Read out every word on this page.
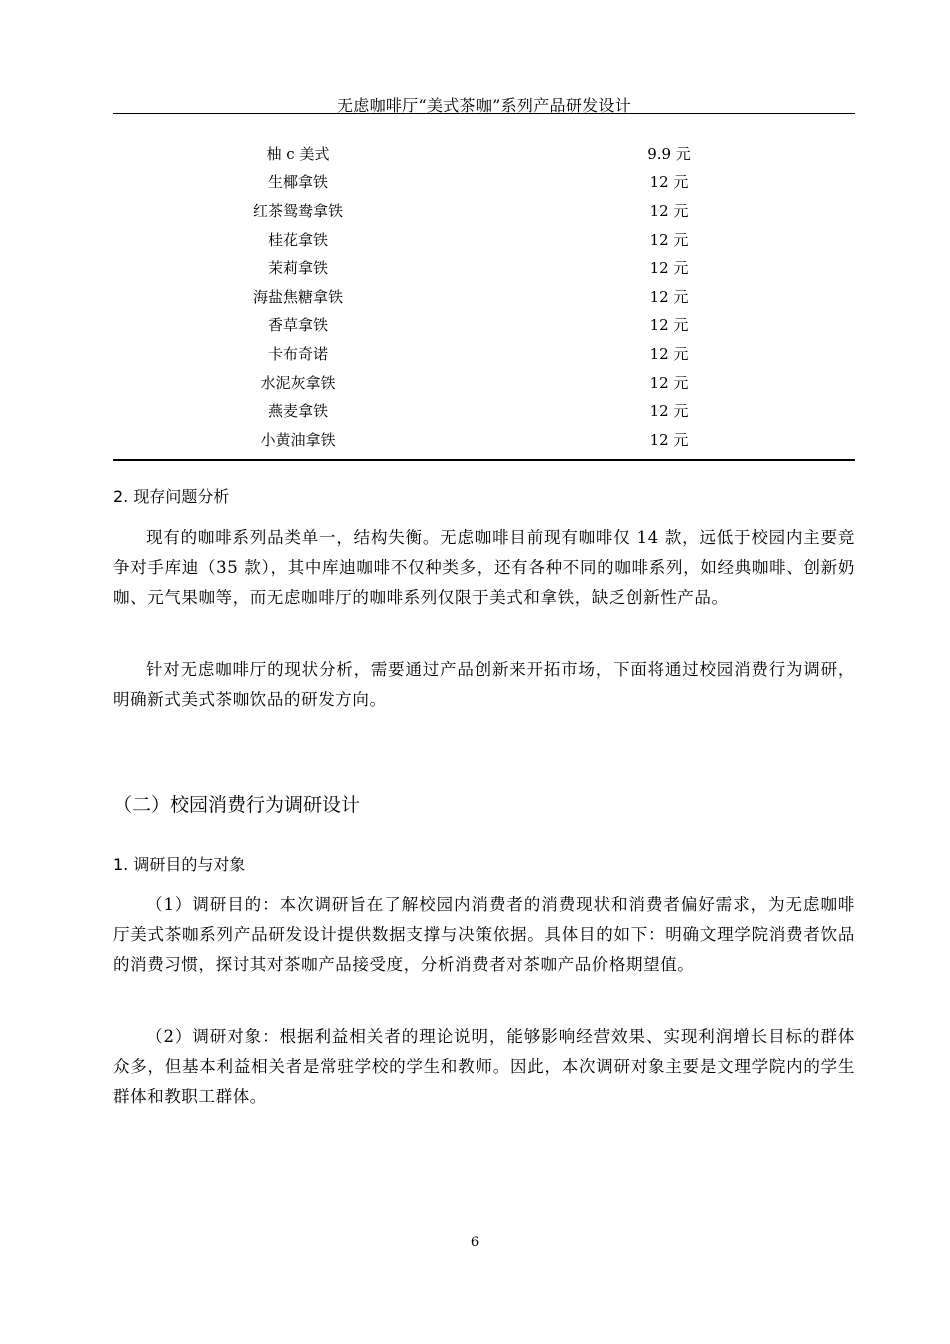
无虑咖啡厅“美式茶咖”系列产品研发设计
柚 c 美式	9.9 元
生椰拿铁	12 元
红茶鸳鸯拿铁	12 元
桂花拿铁	12 元
茉莉拿铁	12 元
海盐焦糖拿铁	12 元
香草拿铁	12 元
卡布奇诺	12 元
水泥灰拿铁	12 元
燕麦拿铁	12 元
小黄油拿铁	12 元
2. 现存问题分析

现有的咖啡系列品类单一，结构失衡。无虑咖啡目前现有咖啡仅 14 款，远低于校园内主要竞争对手库迪（35 款），其中库迪咖啡不仅种类多，还有各种不同的咖啡系列，如经典咖啡、创新奶咖、元气果咖等，而无虑咖啡厅的咖啡系列仅限于美式和拿铁，缺乏创新性产品。

针对无虑咖啡厅的现状分析，需要通过产品创新来开拓市场，下面将通过校园消费行为调研，明确新式美式茶咖饮品的研发方向。

（二）校园消费行为调研设计
1. 调研目的与对象

（1）调研目的：本次调研旨在了解校园内消费者的消费现状和消费者偏好需求，为无虑咖啡厅美式茶咖系列产品研发设计提供数据支撑与决策依据。具体目的如下：明确文理学院消费者饮品的消费习惯，探讨其对茶咖产品接受度，分析消费者对茶咖产品价格期望值。

（2）调研对象：根据利益相关者的理论说明，能够影响经营效果、实现利润增长目标的群体众多，但基本利益相关者是常驻学校的学生和教师。因此，本次调研对象主要是文理学院内的学生群体和教职工群体。

6
